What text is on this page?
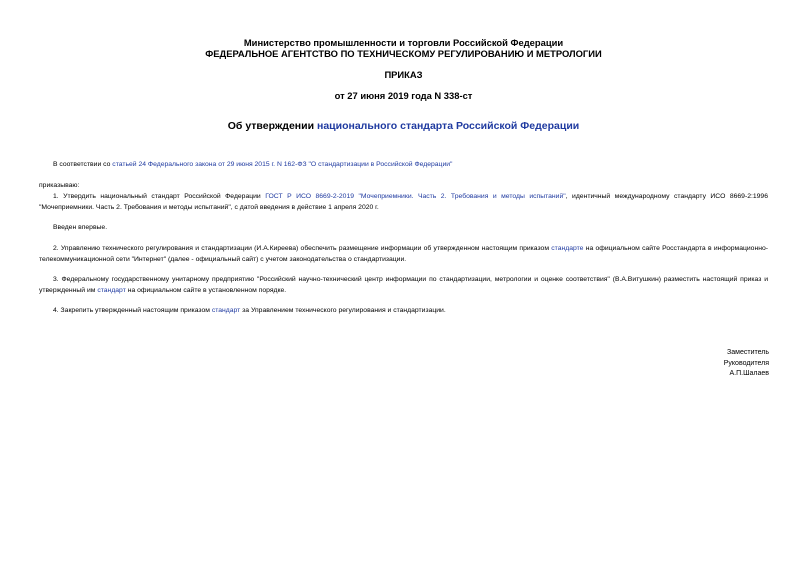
Министерство промышленности и торговли Российской Федерации
ФЕДЕРАЛЬНОЕ АГЕНТСТВО ПО ТЕХНИЧЕСКОМУ РЕГУЛИРОВАНИЮ И МЕТРОЛОГИИ
ПРИКАЗ
от 27 июня 2019 года N 338-ст
Об утверждении национального стандарта Российской Федерации
В соответствии со статьей 24 Федерального закона от 29 июня 2015 г. N 162-ФЗ "О стандартизации в Российской Федерации"
приказываю:
1. Утвердить национальный стандарт Российской Федерации ГОСТ Р ИСО 8669-2-2019 "Мочеприемники. Часть 2. Требования и методы испытаний", идентичный международному стандарту ИСО 8669-2:1996 "Мочеприемники. Часть 2. Требования и методы испытаний", с датой введения в действие 1 апреля 2020 г.
Введен впервые.
2. Управлению технического регулирования и стандартизации (И.А.Киреева) обеспечить размещение информации об утвержденном настоящим приказом стандарте на официальном сайте Росстандарта в информационно-телекоммуникационной сети "Интернет" (далее - официальный сайт) с учетом законодательства о стандартизации.
3. Федеральному государственному унитарному предприятию "Российский научно-технический центр информации по стандартизации, метрологии и оценке соответствия" (В.А.Витушкин) разместить настоящий приказ и утвержденный им стандарт на официальном сайте в установленном порядке.
4. Закрепить утвержденный настоящим приказом стандарт за Управлением технического регулирования и стандартизации.
Заместитель
Руководителя
А.П.Шалаев
